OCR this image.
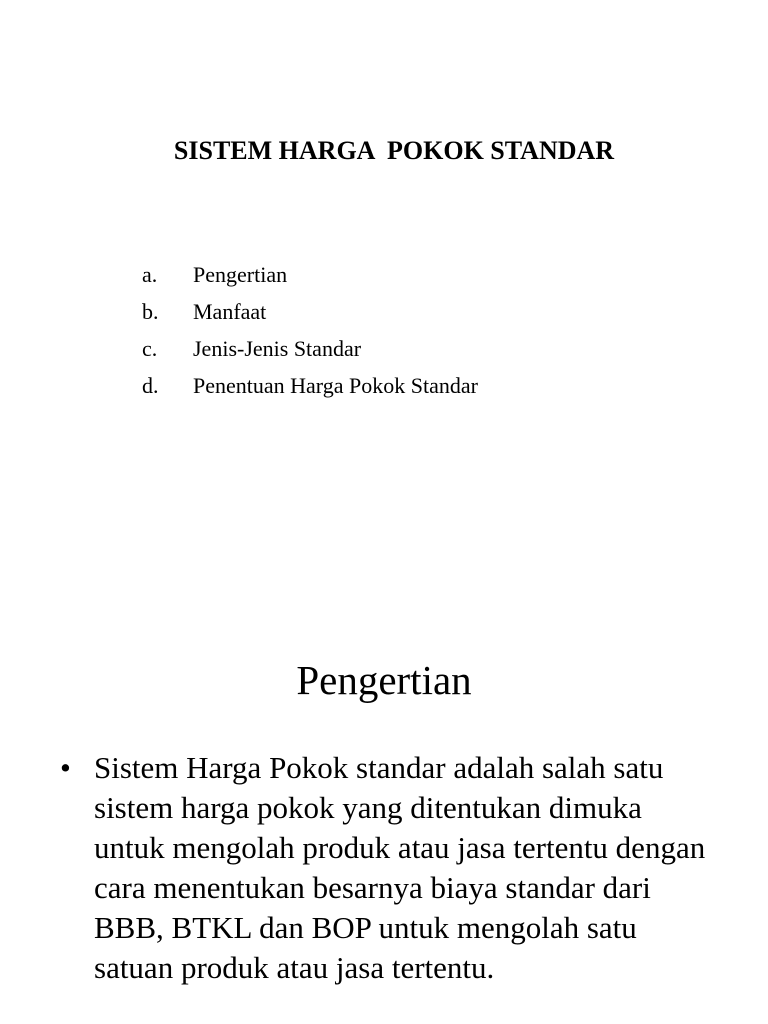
SISTEM HARGA  POKOK STANDAR
a.	Pengertian
b.	Manfaat
c.	Jenis-Jenis Standar
d.	Penentuan Harga Pokok Standar
Pengertian
• Sistem Harga Pokok standar adalah salah satu sistem harga pokok yang ditentukan dimuka untuk mengolah produk atau jasa tertentu dengan cara menentukan besarnya biaya standar dari BBB, BTKL dan BOP untuk mengolah satu satuan produk atau jasa tertentu.
